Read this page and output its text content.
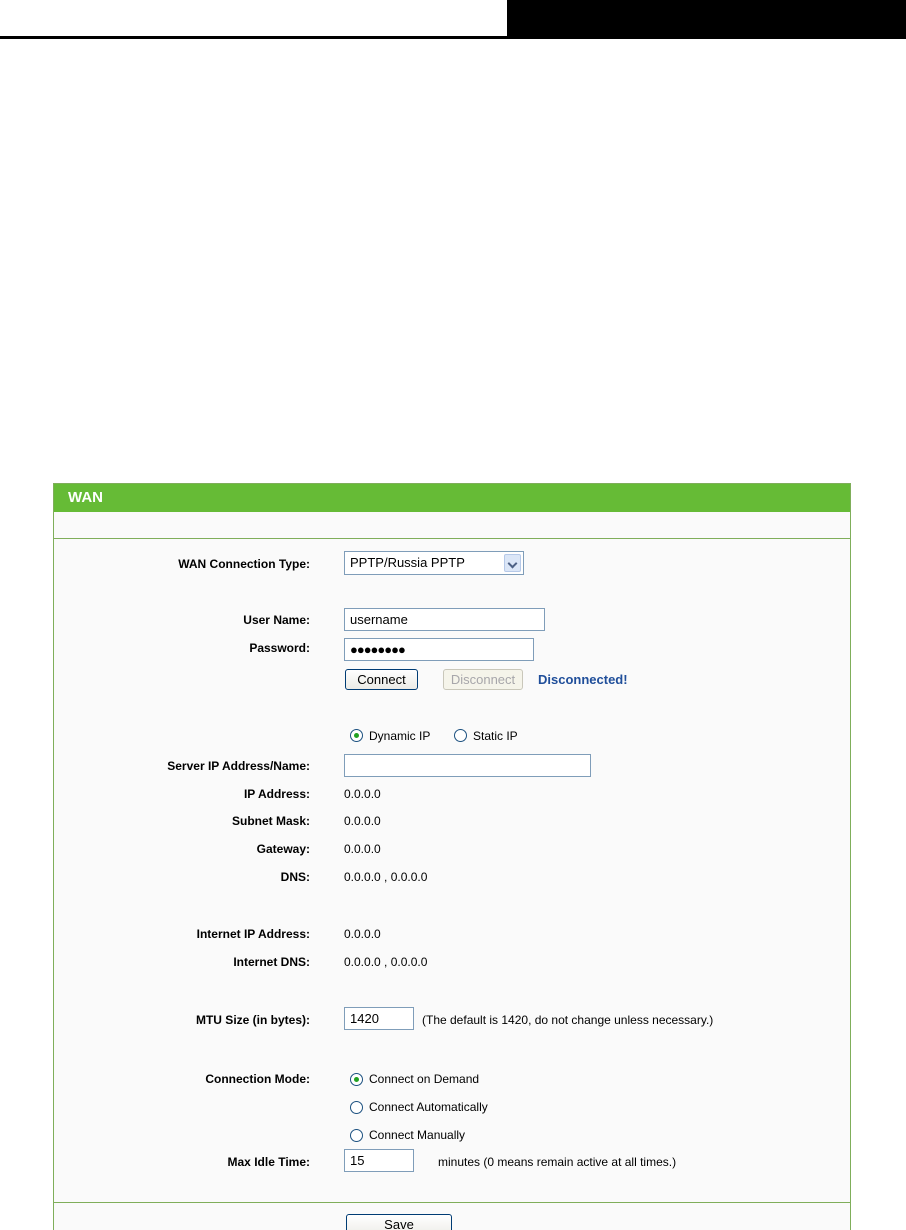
WAN
WAN Connection Type:	PPTP/Russia PPTP
User Name:	username
Password:	●●●●●●●●
Connect	Disconnect	Disconnected!
Dynamic IP	Static IP
Server IP Address/Name:
IP Address:	0.0.0.0
Subnet Mask:	0.0.0.0
Gateway:	0.0.0.0
DNS:	0.0.0.0 , 0.0.0.0
Internet IP Address:	0.0.0.0
Internet DNS:	0.0.0.0 , 0.0.0.0
MTU Size (in bytes):	1420	(The default is 1420, do not change unless necessary.)
Connection Mode:	Connect on Demand
Connect Automatically
Connect Manually
Max Idle Time:	15	minutes (0 means remain active at all times.)
Save
